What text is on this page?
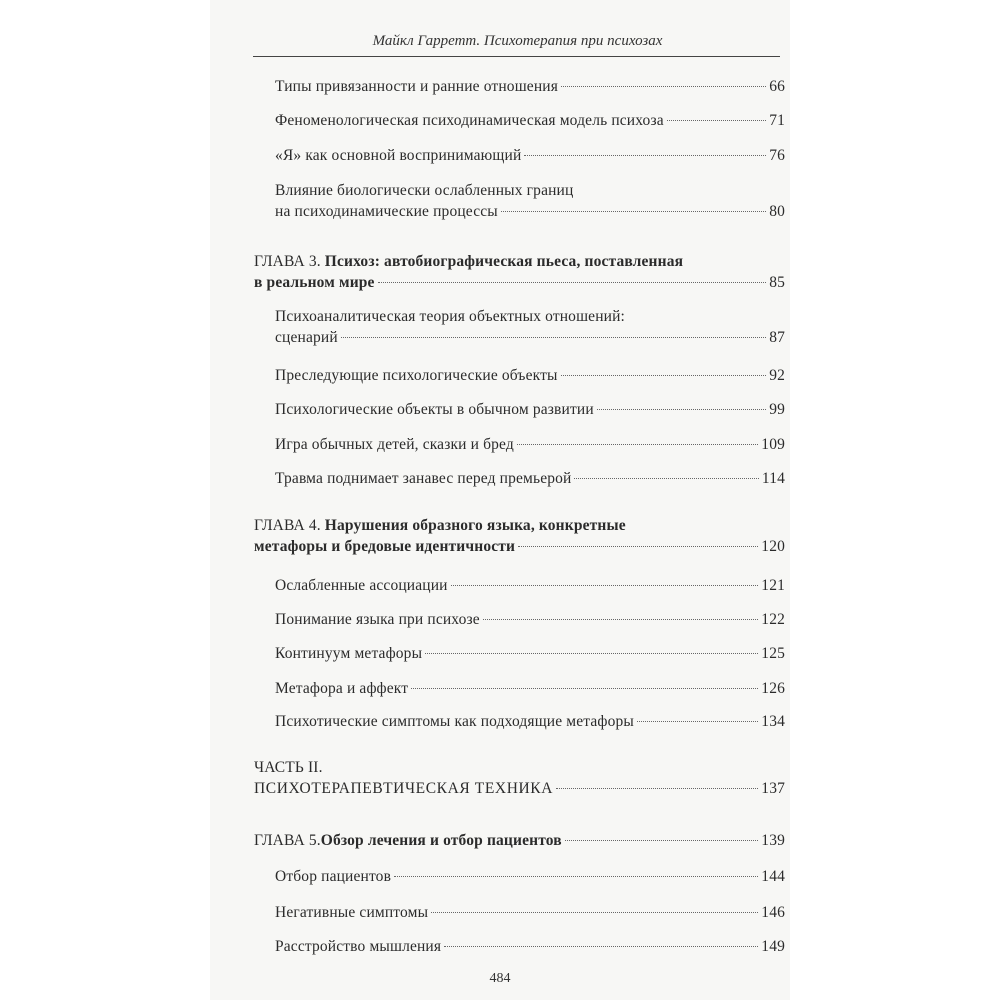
Майкл Гарретт. Психотерапия при психозах
Типы привязанности и ранние отношения	66
Феноменологическая психодинамическая модель психоза	71
«Я» как основной воспринимающий	76
Влияние биологически ослабленных границ
на психодинамические процессы	80
ГЛАВА 3. Психоз: автобиографическая пьеса, поставленная
в реальном мире	85
Психоаналитическая теория объектных отношений:
сценарий	87
Преследующие психологические объекты	92
Психологические объекты в обычном развитии	99
Игра обычных детей, сказки и бред	109
Травма поднимает занавес перед премьерой	114
ГЛАВА 4. Нарушения образного языка, конкретные
метафоры и бредовые идентичности	120
Ослабленные ассоциации	121
Понимание языка при психозе	122
Континуум метафоры	125
Метафора и аффект	126
Психотические симптомы как подходящие метафоры	134
ЧАСТЬ II.
ПСИХОТЕРАПЕВТИЧЕСКАЯ ТЕХНИКА	137
ГЛАВА 5. Обзор лечения и отбор пациентов	139
Отбор пациентов	144
Негативные симптомы	146
Расстройство мышления	149
484
